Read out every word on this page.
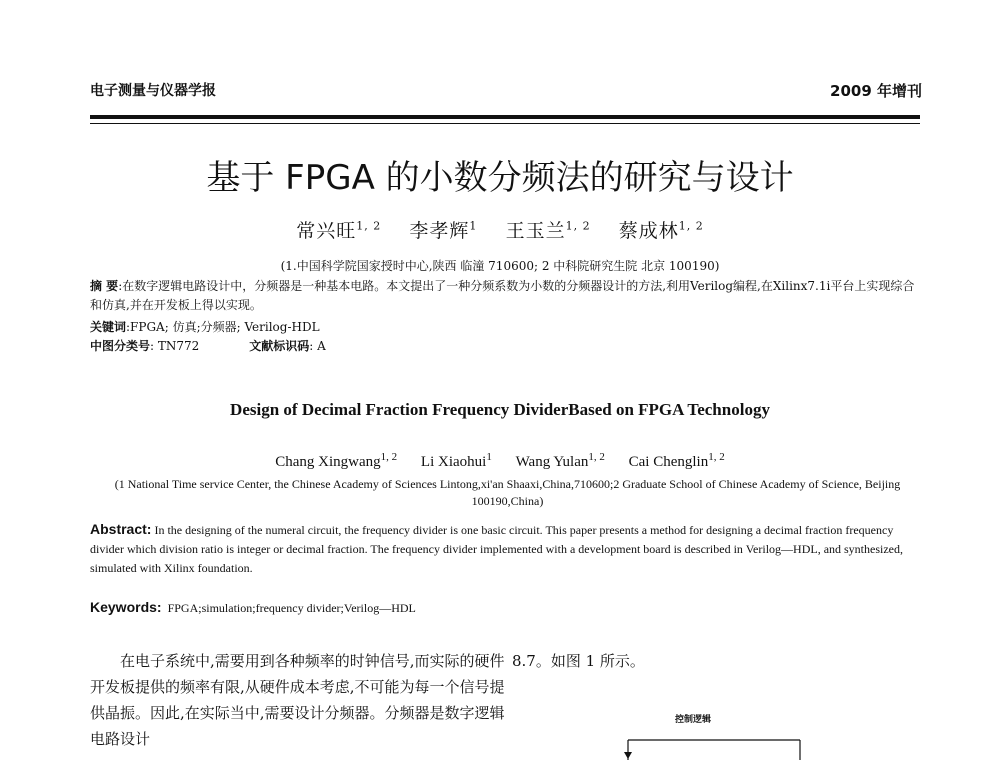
电子测量与仪器学报	2009 年增刊
基于 FPGA 的小数分频法的研究与设计
常兴旺$^{1, 2}$ 李孝辉$^1$ 王玉兰$^{1, 2}$ 蔡成林$^{1, 2}$
(1.中国科学院国家授时中心,陕西 临潼 710600; 2 中科院研究生院 北京 100190)
摘 要:在数字逻辑电路设计中，分频器是一种基本电路。本文提出了一种分频系数为小数的分频器设计的方法,利用Verilog编程,在Xilinx7.1i平台上实现综合和仿真,并在开发板上得以实现。
关键词:FPGA; 仿真;分频器; Verilog-HDL
中图分类号: TN772	文献标识码: A
Design of Decimal Fraction Frequency DividerBased on FPGA Technology
Chang Xingwang$^{1, 2}$ Li Xiaohui$^1$ Wang Yulan$^{1, 2}$ Cai Chenglin$^{1, 2}$
(1 National Time service Center, the Chinese Academy of Sciences Lintong,xi'an Shaaxi,China,710600;2 Graduate School of Chinese Academy of Science, Beijing 100190,China)
Abstract: In the designing of the numeral circuit, the frequency divider is one basic circuit. This paper presents a method for designing a decimal fraction frequency divider which division ratio is integer or decimal fraction. The frequency divider implemented with a development board is described in Verilog—HDL, and synthesized, simulated with Xilinx foundation.
Keywords: FPGA;simulation;frequency divider;Verilog—HDL

在电子系统中,需要用到各种频率的时钟信号,而实际的硬件开发板提供的频率有限,从硬件成本考虑,不可能为每一个信号提供晶振。因此,在实际当中,需要设计分频器。分频器是数字逻辑电路设计

8.7。如图 1 所示。
控制逻辑
